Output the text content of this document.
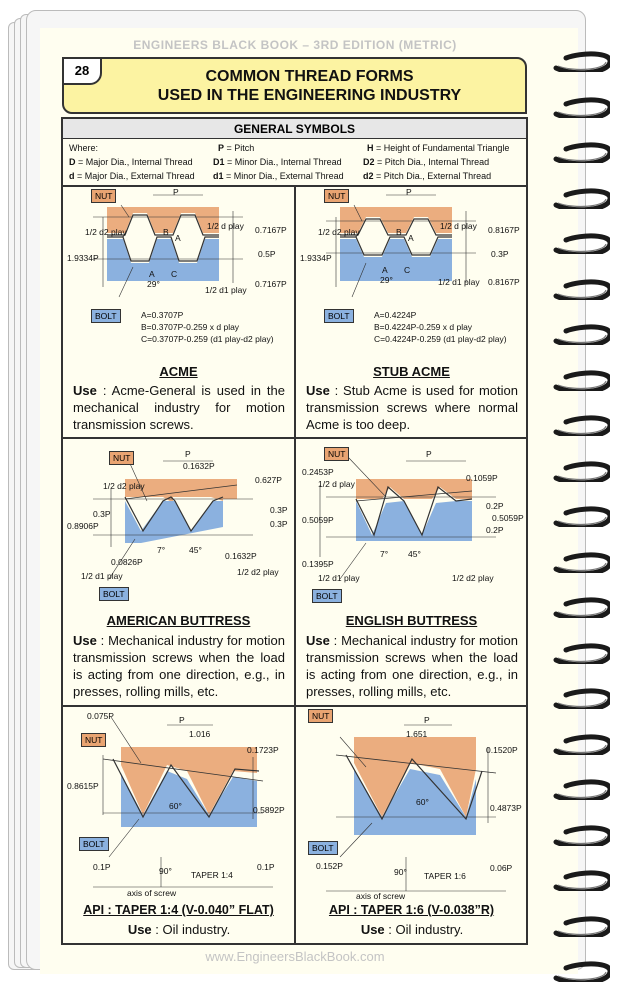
ENGINEERS BLACK BOOK – 3RD EDITION (METRIC)
28	COMMON THREAD FORMS
USED IN THE ENGINEERING INDUSTRY
GENERAL SYMBOLS
Where:	P = Pitch	H = Height of Fundamental Triangle
D = Major Dia., Internal Thread D1 = Minor Dia., Internal Thread D2 = Pitch Dia., Internal Thread
d = Major Dia., External Thread d1 = Minor Dia., External Thread d2 = Pitch Dia., External Thread
NUT	P
1/2 d play 0.7167P
1/2 d2 play	B
A
0.5P
1.9334P
A C
29°
1/2 d1 play
0.7167P
BOLT	A=0.3707P
B=0.3707P-0.259 x d play
C=0.3707P-0.259 (d1 play-d2 play)
ACME
Use : Acme-General is used in the mechanical industry for motion transmission screws.
NUT	P
1/2 d play 0.8167P
1/2 d2 play	B
A
0.3P
1.9334P
A C
29°	1/2 d1 play 0.8167P
BOLT	A=0.4224P
B=0.4224P-0.259 x d play
C=0.4224P-0.259 (d1 play-d2 play)
STUB ACME
Use : Stub Acme is used for motion transmission screws where normal Acme is too deep.
NUT	P
0.1632P
0.627P
1/2 d2 play
0.3P
0.3P
0.8906P
0.3P
0.0826P
7°	45°
0.1632P
1/2 d1 play	1/2 d2 play
BOLT
AMERICAN BUTTRESS
Use : Mechanical industry for motion transmission screws when the load is acting from one direction, e.g., in presses, rolling mills, etc.
NUT	P
0.2453P
1/2 d play
0.1059P
0.2P
0.5059P
0.5059P
0.2P
7° 45°
0.1395P
1/2 d1 play	1/2 d2 play
BOLT
ENGLISH BUTTRESS
Use : Mechanical industry for motion transmission screws when the load is acting from one direction, e.g., in presses, rolling mills, etc.
0.075P
NUT
P
1.016
0.1723P
0.8615P
60°	0.5892P
BOLT
0.1P	90° TAPER 1:4
0.1P
axis of screw
API : TAPER 1:4 (V-0.040” FLAT)
Use : Oil industry.
NUT	P
1.651
0.1520P
60°
0.4873P
BOLT
0.152P
90° TAPER 1:6
0.06P
axis of screw
API : TAPER 1:6 (V-0.038”R)
Use : Oil industry.
www.EngineersBlackBook.com
